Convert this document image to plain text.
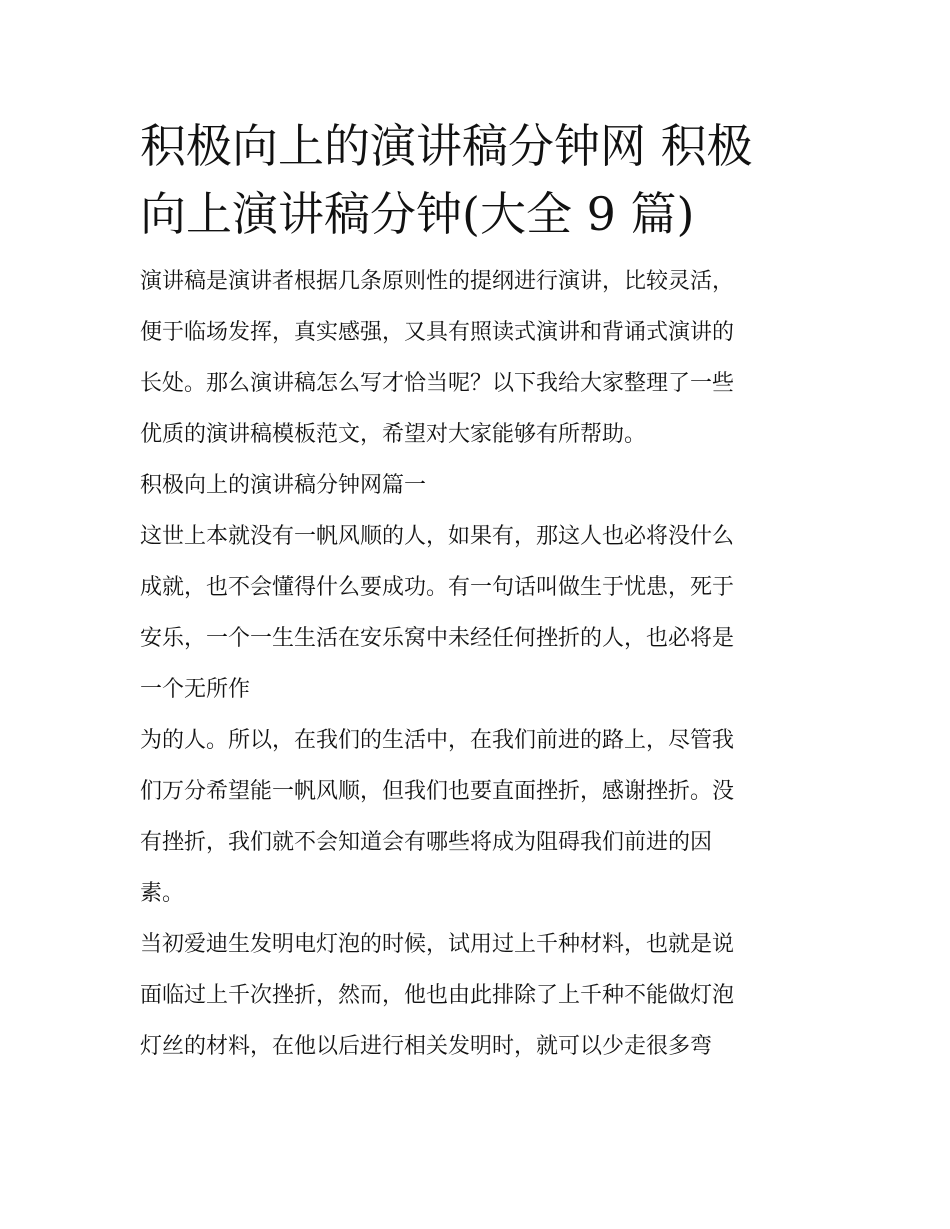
积极向上的演讲稿分钟网 积极
向上演讲稿分钟(大全 9 篇)

演讲稿是演讲者根据几条原则性的提纲进行演讲，比较灵活，
便于临场发挥，真实感强，又具有照读式演讲和背诵式演讲的
长处。那么演讲稿怎么写才恰当呢？以下我给大家整理了一些
优质的演讲稿模板范文，希望对大家能够有所帮助。

积极向上的演讲稿分钟网篇一

这世上本就没有一帆风顺的人，如果有，那这人也必将没什么
成就，也不会懂得什么要成功。有一句话叫做生于忧患，死于
安乐，一个一生生活在安乐窝中未经任何挫折的人，也必将是
一个无所作

为的人。所以，在我们的生活中，在我们前进的路上，尽管我
们万分希望能一帆风顺，但我们也要直面挫折，感谢挫折。没
有挫折，我们就不会知道会有哪些将成为阻碍我们前进的因
素。

当初爱迪生发明电灯泡的时候，试用过上千种材料，也就是说
面临过上千次挫折，然而，他也由此排除了上千种不能做灯泡
灯丝的材料，在他以后进行相关发明时，就可以少走很多弯
